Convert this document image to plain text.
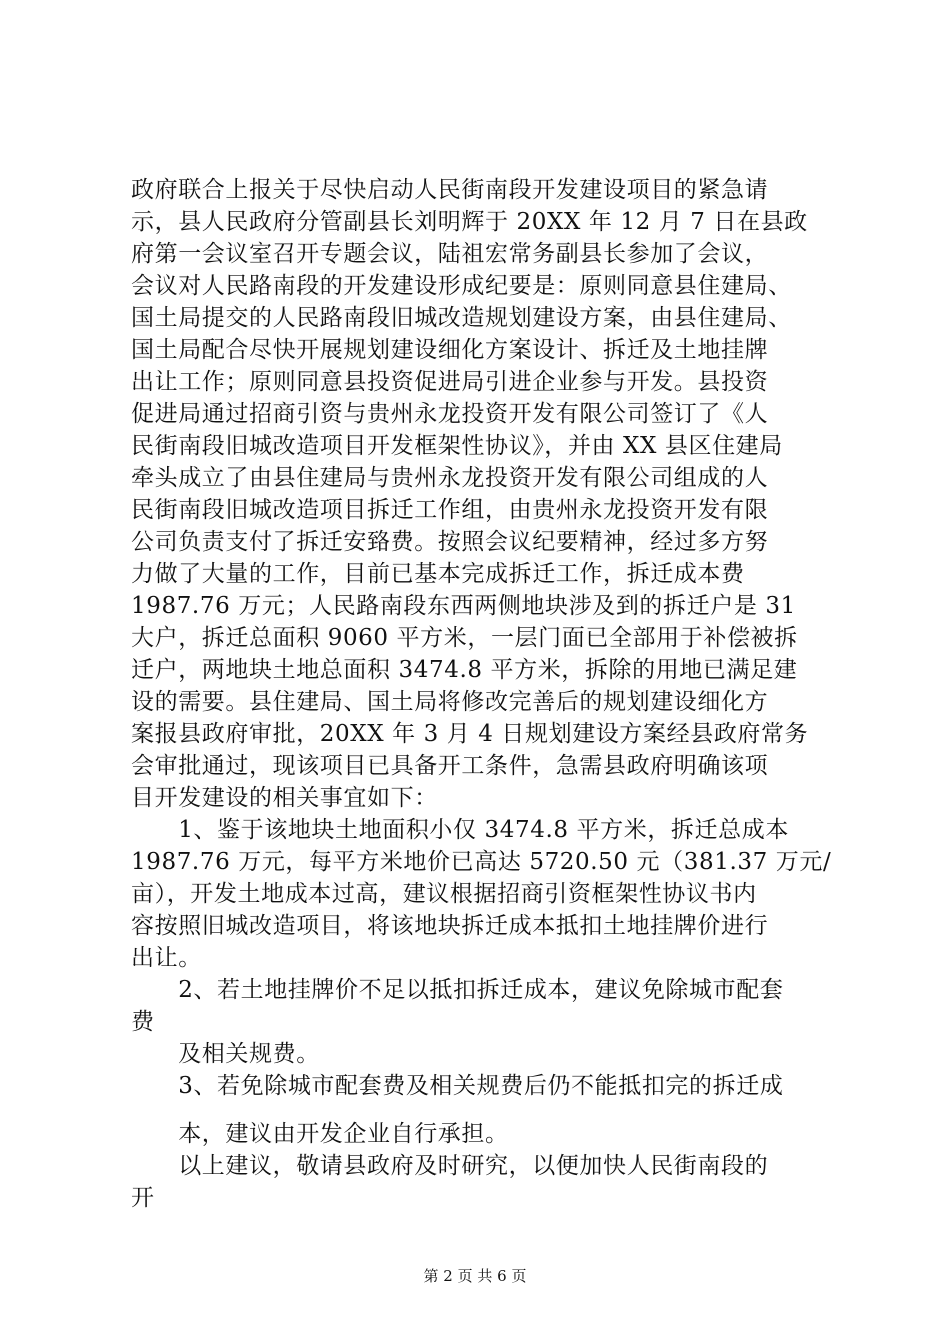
政府联合上报关于尽快启动人民街南段开发建设项目的紧急请
示，县人民政府分管副县长刘明辉于 20XX 年 12 月 7 日在县政
府第一会议室召开专题会议，陆祖宏常务副县长参加了会议，
会议对人民路南段的开发建设形成纪要是：原则同意县住建局、
国土局提交的人民路南段旧城改造规划建设方案，由县住建局、
国土局配合尽快开展规划建设细化方案设计、拆迁及土地挂牌
出让工作；原则同意县投资促进局引进企业参与开发。县投资
促进局通过招商引资与贵州永龙投资开发有限公司签订了《人
民街南段旧城改造项目开发框架性协议》，并由 XX 县区住建局
牵头成立了由县住建局与贵州永龙投资开发有限公司组成的人
民街南段旧城改造项目拆迁工作组，由贵州永龙投资开发有限
公司负责支付了拆迁安臵费。按照会议纪要精神，经过多方努
力做了大量的工作，目前已基本完成拆迁工作，拆迁成本费
1987.76 万元；人民路南段东西两侧地块涉及到的拆迁户是 31
大户，拆迁总面积 9060 平方米，一层门面已全部用于补偿被拆
迁户，两地块土地总面积 3474.8 平方米，拆除的用地已满足建
设的需要。县住建局、国土局将修改完善后的规划建设细化方
案报县政府审批，20XX 年 3 月 4 日规划建设方案经县政府常务
会审批通过，现该项目已具备开工条件，急需县政府明确该项
目开发建设的相关事宜如下：
　　1、鉴于该地块土地面积小仅 3474.8 平方米，拆迁总成本
1987.76 万元，每平方米地价已高达 5720.50 元（381.37 万元/
亩），开发土地成本过高，建议根据招商引资框架性协议书内
容按照旧城改造项目，将该地块拆迁成本抵扣土地挂牌价进行
出让。
　　2、若土地挂牌价不足以抵扣拆迁成本，建议免除城市配套
费
　　及相关规费。
　　3、若免除城市配套费及相关规费后仍不能抵扣完的拆迁成
　　本，建议由开发企业自行承担。
　　以上建议，敬请县政府及时研究，以便加快人民街南段的
开
第 2 页 共 6 页
